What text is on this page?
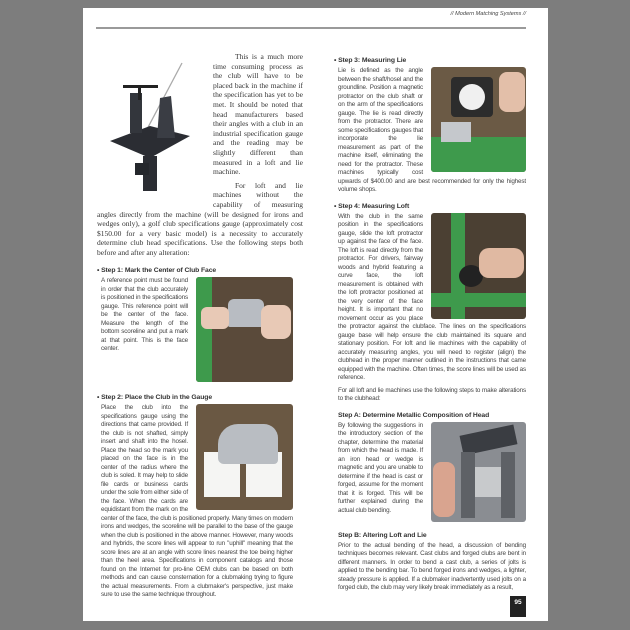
// Modern Matching Systems //

This is a much more time consuming process as the club will have to be placed back in the machine if the specification has yet to be met. It should be noted that head manufacturers based their angles with a club in an industrial specification gauge and the reading may be slightly different than measured in a loft and lie machine.

For loft and lie machines without the capability of measuring angles directly from the machine (will be designed for irons and wedges only), a golf club specifications gauge (approximately cost $150.00 for a very basic model) is a necessity to accurately determine club head specifications. Use the following steps both before and after any alteration:

• Step 1: Mark the Center of Club Face
A reference point must be found in order that the club accurately is positioned in the specifications gauge. This reference point will be the center of the face. Measure the length of the bottom scoreline and put a mark at that point. This is the face center.
• Step 2: Place the Club in the Gauge
Place the club into the specifications gauge using the directions that came provided. If the club is not shafted, simply insert and shaft into the hosel. Place the head so the mark you placed on the face is in the center of the radius where the club is soled. It may help to slide file cards or business cards under the sole from either side of the face. When the cards are equidistant from the mark on the center of the face, the club is positioned properly. Many times on modern irons and wedges, the scoreline will be parallel to the base of the gauge when the club is positioned in the above manner. However, many woods and hybrids, the score lines will appear to run "uphill" meaning that the score lines are at an angle with score lines nearest the toe being higher than the heel area. Specifications in component catalogs and those found on the Internet for pro-line OEM clubs can be based on both methods and can cause consternation for a clubmaking trying to figure the actual measurements. From a clubmaker's perspective, just make sure to use the same technique throughout.
• Step 3: Measuring Lie
Lie is defined as the angle between the shaft/hosel and the groundline. Position a magnetic protractor on the club shaft or on the arm of the specifications gauge. The lie is read directly from the protractor. There are some specifications gauges that incorporate the lie measurement as part of the machine itself, eliminating the need for the protractor. These machines typically cost upwards of $400.00 and are best recommended for only the highest volume shops.
• Step 4: Measuring Loft
With the club in the same position in the specifications gauge, slide the loft protractor up against the face of the face. The loft is read directly from the protractor. For drivers, fairway woods and hybrid featuring a curve face, the loft measurement is obtained with the loft protractor positioned at the very center of the face height. It is important that no movement occur as you place the protractor against the clubface. The lines on the specifications gauge base will help ensure the club maintained its square and stationary position. For loft and lie machines with the capability of accurately measuring angles, you will need to register (align) the clubhead in the proper manner outlined in the instructions that came equipped with the machine. Often times, the score lines will be used as reference.
For all loft and lie machines use the following steps to make alterations to the clubhead:
Step A: Determine Metallic Composition of Head
By following the suggestions in the introductory section of the chapter, determine the material from which the head is made. If an iron head or wedge is magnetic and you are unable to determine if the head is cast or forged, assume for the moment that it is forged. This will be further explained during the actual club bending.
Step B: Altering Loft and Lie
Prior to the actual bending of the head, a discussion of bending techniques becomes relevant. Cast clubs and forged clubs are bent in different manners. In order to bend a cast club, a series of jolts is applied to the bending bar. To bend forged irons and wedges, a lighter, steady pressure is applied. If a clubmaker inadvertently used jolts on a forged club, the club may very likely break immediately as a result,
95
